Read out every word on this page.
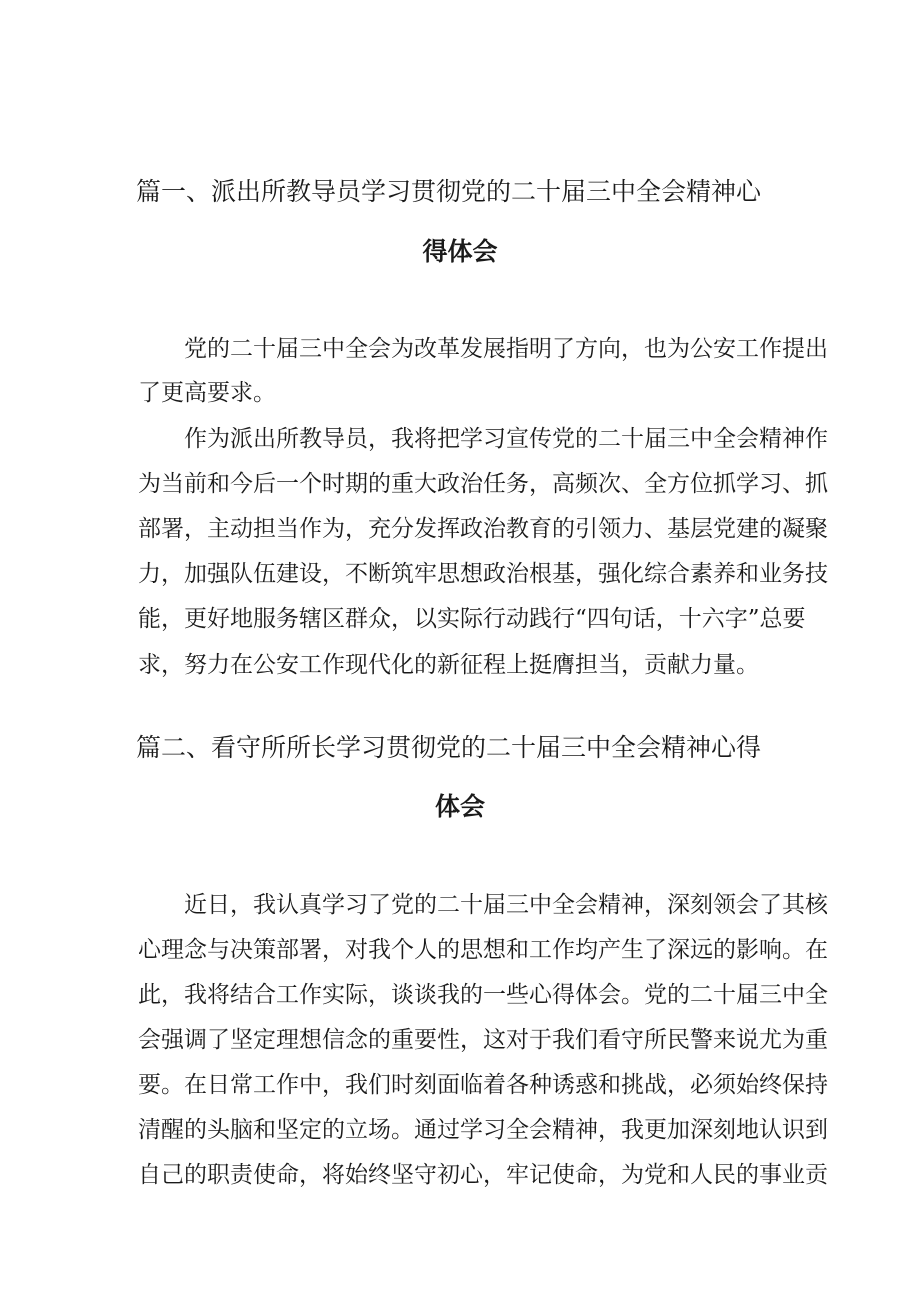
篇一、派出所教导员学习贯彻党的二十届三中全会精神心
得体会

党的二十届三中全会为改革发展指明了方向，也为公安工作提出

了更高要求。

作为派出所教导员，我将把学习宣传党的二十届三中全会精神作

为当前和今后一个时期的重大政治任务，高频次、全方位抓学习、抓

部署，主动担当作为，充分发挥政治教育的引领力、基层党建的凝聚

力，加强队伍建设，不断筑牢思想政治根基，强化综合素养和业务技

能，更好地服务辖区群众，以实际行动践行“四句话，十六字”总要

求，努力在公安工作现代化的新征程上挺膺担当，贡献力量。

篇二、看守所所长学习贯彻党的二十届三中全会精神心得
体会

近日，我认真学习了党的二十届三中全会精神，深刻领会了其核

心理念与决策部署，对我个人的思想和工作均产生了深远的影响。在

此，我将结合工作实际，谈谈我的一些心得体会。党的二十届三中全

会强调了坚定理想信念的重要性，这对于我们看守所民警来说尤为重

要。在日常工作中，我们时刻面临着各种诱惑和挑战，必须始终保持

清醒的头脑和坚定的立场。通过学习全会精神，我更加深刻地认识到

自己的职责使命，将始终坚守初心，牢记使命，为党和人民的事业贡
